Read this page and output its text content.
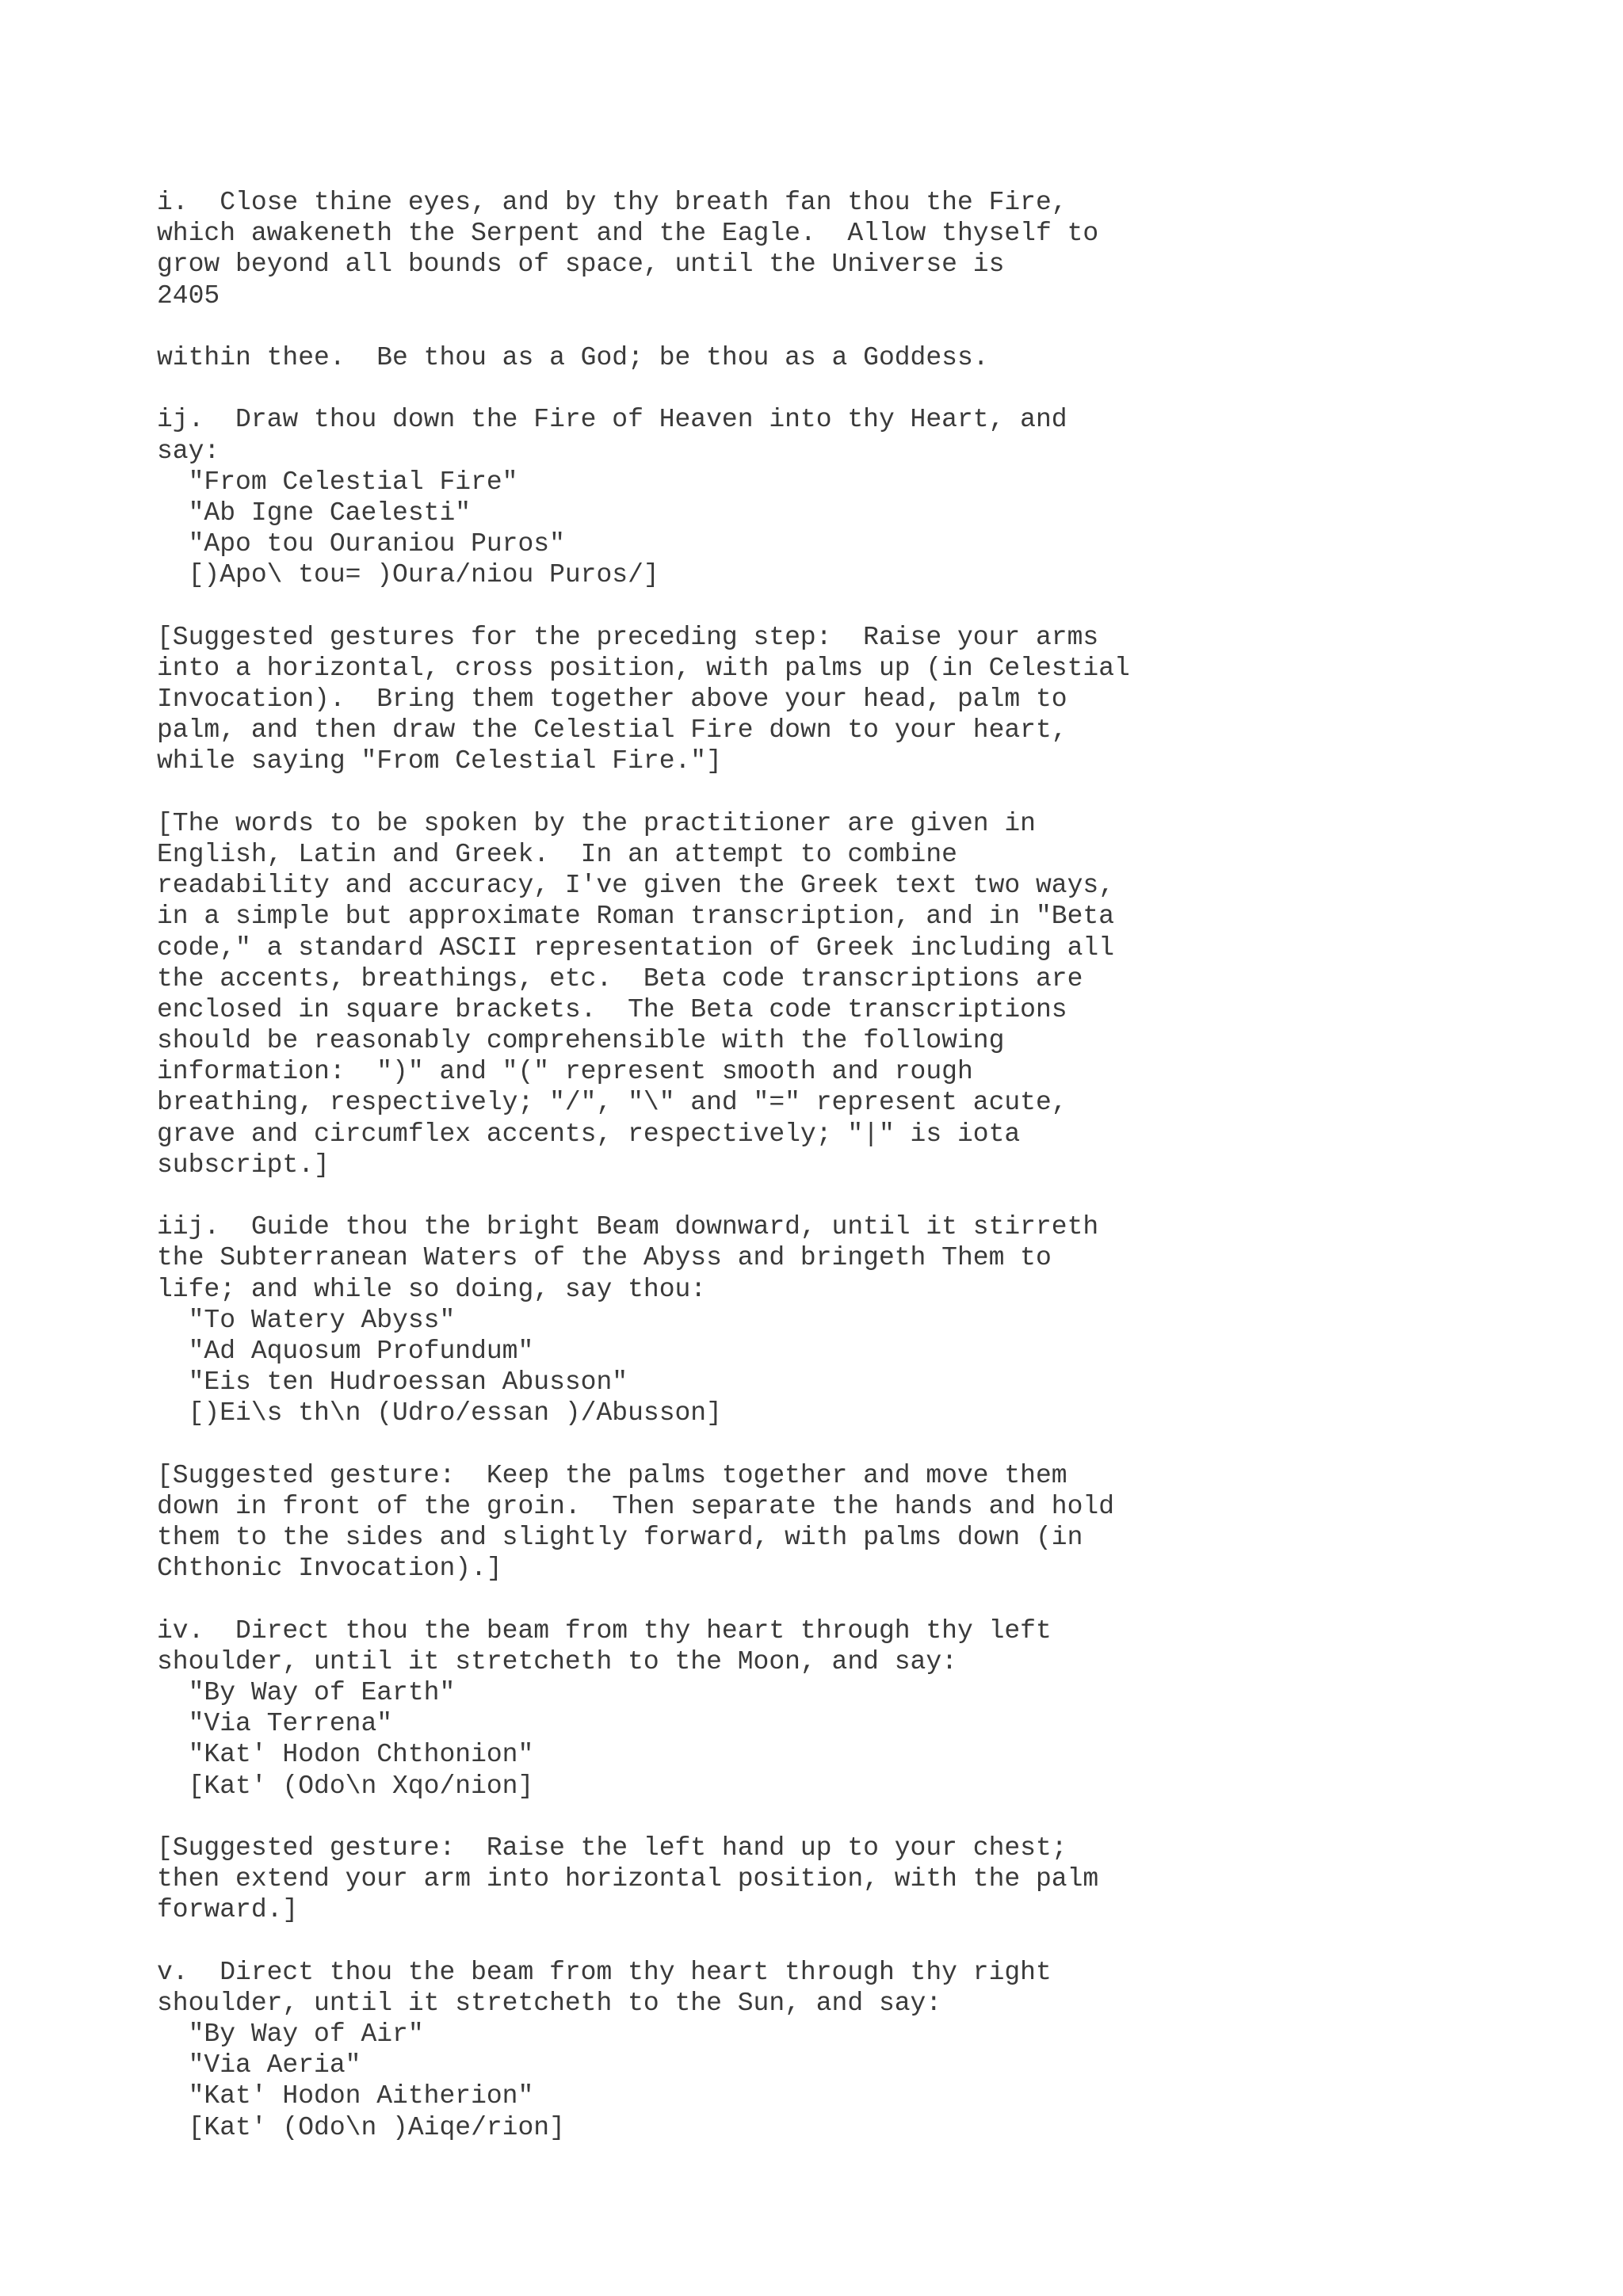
i.  Close thine eyes, and by thy breath fan thou the Fire,
which awakeneth the Serpent and the Eagle.  Allow thyself to
grow beyond all bounds of space, until the Universe is
2405
within thee.  Be thou as a God; be thou as a Goddess.
ij.  Draw thou down the Fire of Heaven into thy Heart, and
say:
"From Celestial Fire"
"Ab Igne Caelesti"
"Apo tou Ouraniou Puros"
[)Apo\ tou= )Oura/niou Puros/]
[Suggested gestures for the preceding step:  Raise your arms
into a horizontal, cross position, with palms up (in Celestial
Invocation).  Bring them together above your head, palm to
palm, and then draw the Celestial Fire down to your heart,
while saying "From Celestial Fire."]
[The words to be spoken by the practitioner are given in
English, Latin and Greek.  In an attempt to combine
readability and accuracy, I've given the Greek text two ways,
in a simple but approximate Roman transcription, and in "Beta
code," a standard ASCII representation of Greek including all
the accents, breathings, etc.  Beta code transcriptions are
enclosed in square brackets.  The Beta code transcriptions
should be reasonably comprehensible with the following
information:  ")" and "(" represent smooth and rough
breathing, respectively; "/", "\" and "=" represent acute,
grave and circumflex accents, respectively; "|" is iota
subscript.]
iij.  Guide thou the bright Beam downward, until it stirreth
the Subterranean Waters of the Abyss and bringeth Them to
life; and while so doing, say thou:
"To Watery Abyss"
"Ad Aquosum Profundum"
"Eis ten Hudroessan Abusson"
[)Ei\s th\n (Udro/essan )/Abusson]
[Suggested gesture:  Keep the palms together and move them
down in front of the groin.  Then separate the hands and hold
them to the sides and slightly forward, with palms down (in
Chthonic Invocation).]
iv.  Direct thou the beam from thy heart through thy left
shoulder, until it stretcheth to the Moon, and say:
"By Way of Earth"
"Via Terrena"
"Kat' Hodon Chthonion"
[Kat' (Odo\n Xqo/nion]
[Suggested gesture:  Raise the left hand up to your chest;
then extend your arm into horizontal position, with the palm
forward.]
v.  Direct thou the beam from thy heart through thy right
shoulder, until it stretcheth to the Sun, and say:
"By Way of Air"
"Via Aeria"
"Kat' Hodon Aitherion"
[Kat' (Odo\n )Aiqe/rion]
